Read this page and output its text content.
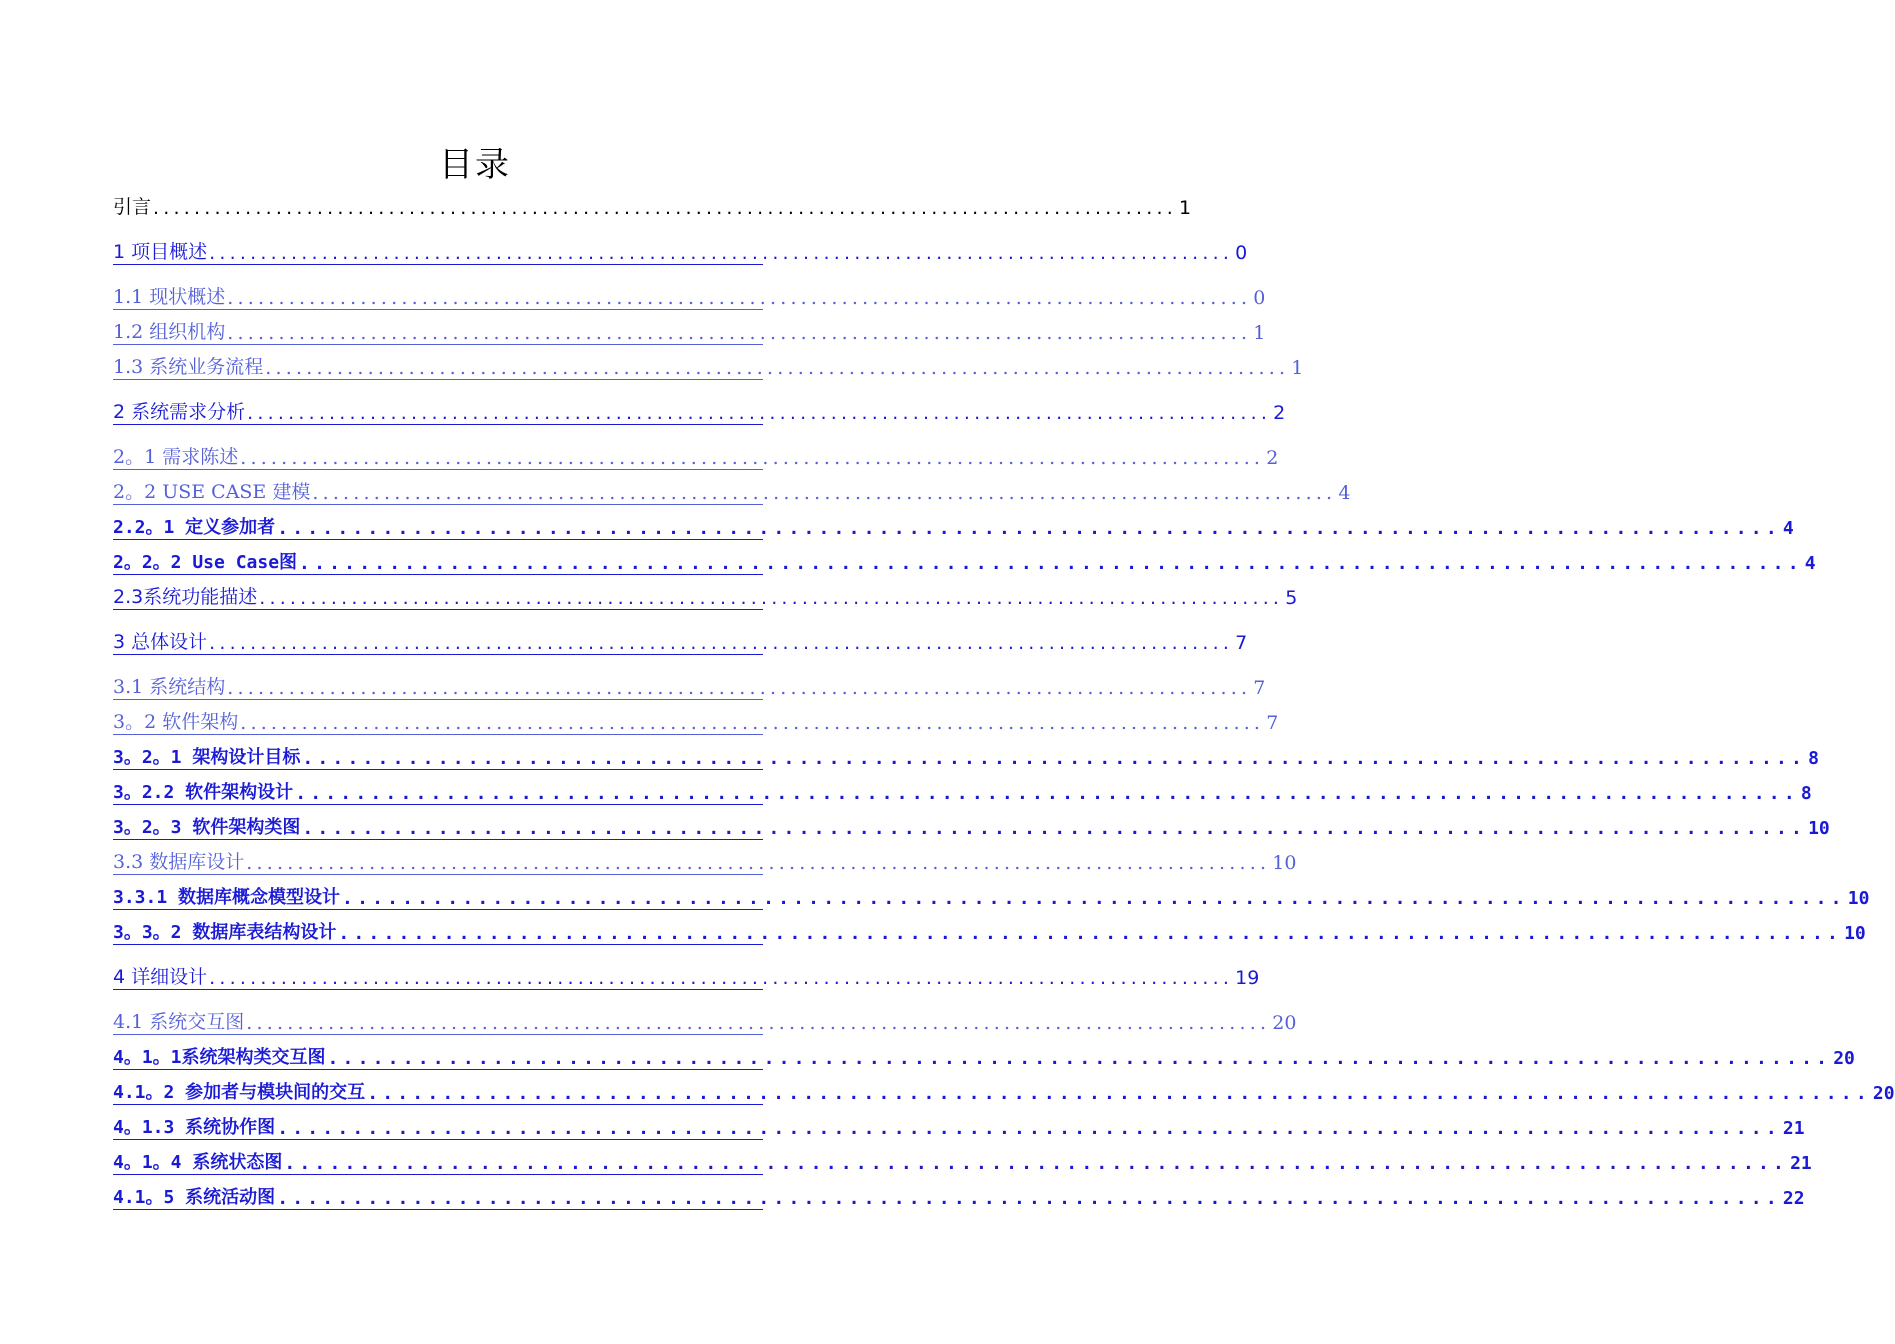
目录
引言 .................................................................................................... 1
1 项目概述 .................................................................................................... 0
1.1 现状概述 .................................................................................................... 0
1.2 组织机构 .................................................................................................... 1
1.3 系统业务流程 .................................................................................................... 1
2 系统需求分析 .................................................................................................... 2
2。1 需求陈述 .................................................................................................... 2
2。2 USE CASE 建模 .................................................................................................... 4
2.2。1 定义参加者 .................................................................................................... 4
2。2。2 Use Case图 .................................................................................................... 4
2.3系统功能描述 .................................................................................................... 5
3 总体设计 .................................................................................................... 7
3.1 系统结构 .................................................................................................... 7
3。2 软件架构 .................................................................................................... 7
3。2。1 架构设计目标 .................................................................................................... 8
3。2.2 软件架构设计 .................................................................................................... 8
3。2。3 软件架构类图 .................................................................................................... 10
3.3 数据库设计 .................................................................................................... 10
3.3.1 数据库概念模型设计 .................................................................................................... 10
3。3。2 数据库表结构设计 .................................................................................................... 10
4 详细设计 .................................................................................................... 19
4.1 系统交互图 .................................................................................................... 20
4。1。1系统架构类交互图 .................................................................................................... 20
4.1。2 参加者与模块间的交互 .................................................................................................... 20
4。1.3 系统协作图 .................................................................................................... 21
4。1。4 系统状态图 .................................................................................................... 21
4.1。5 系统活动图 .................................................................................................... 22
